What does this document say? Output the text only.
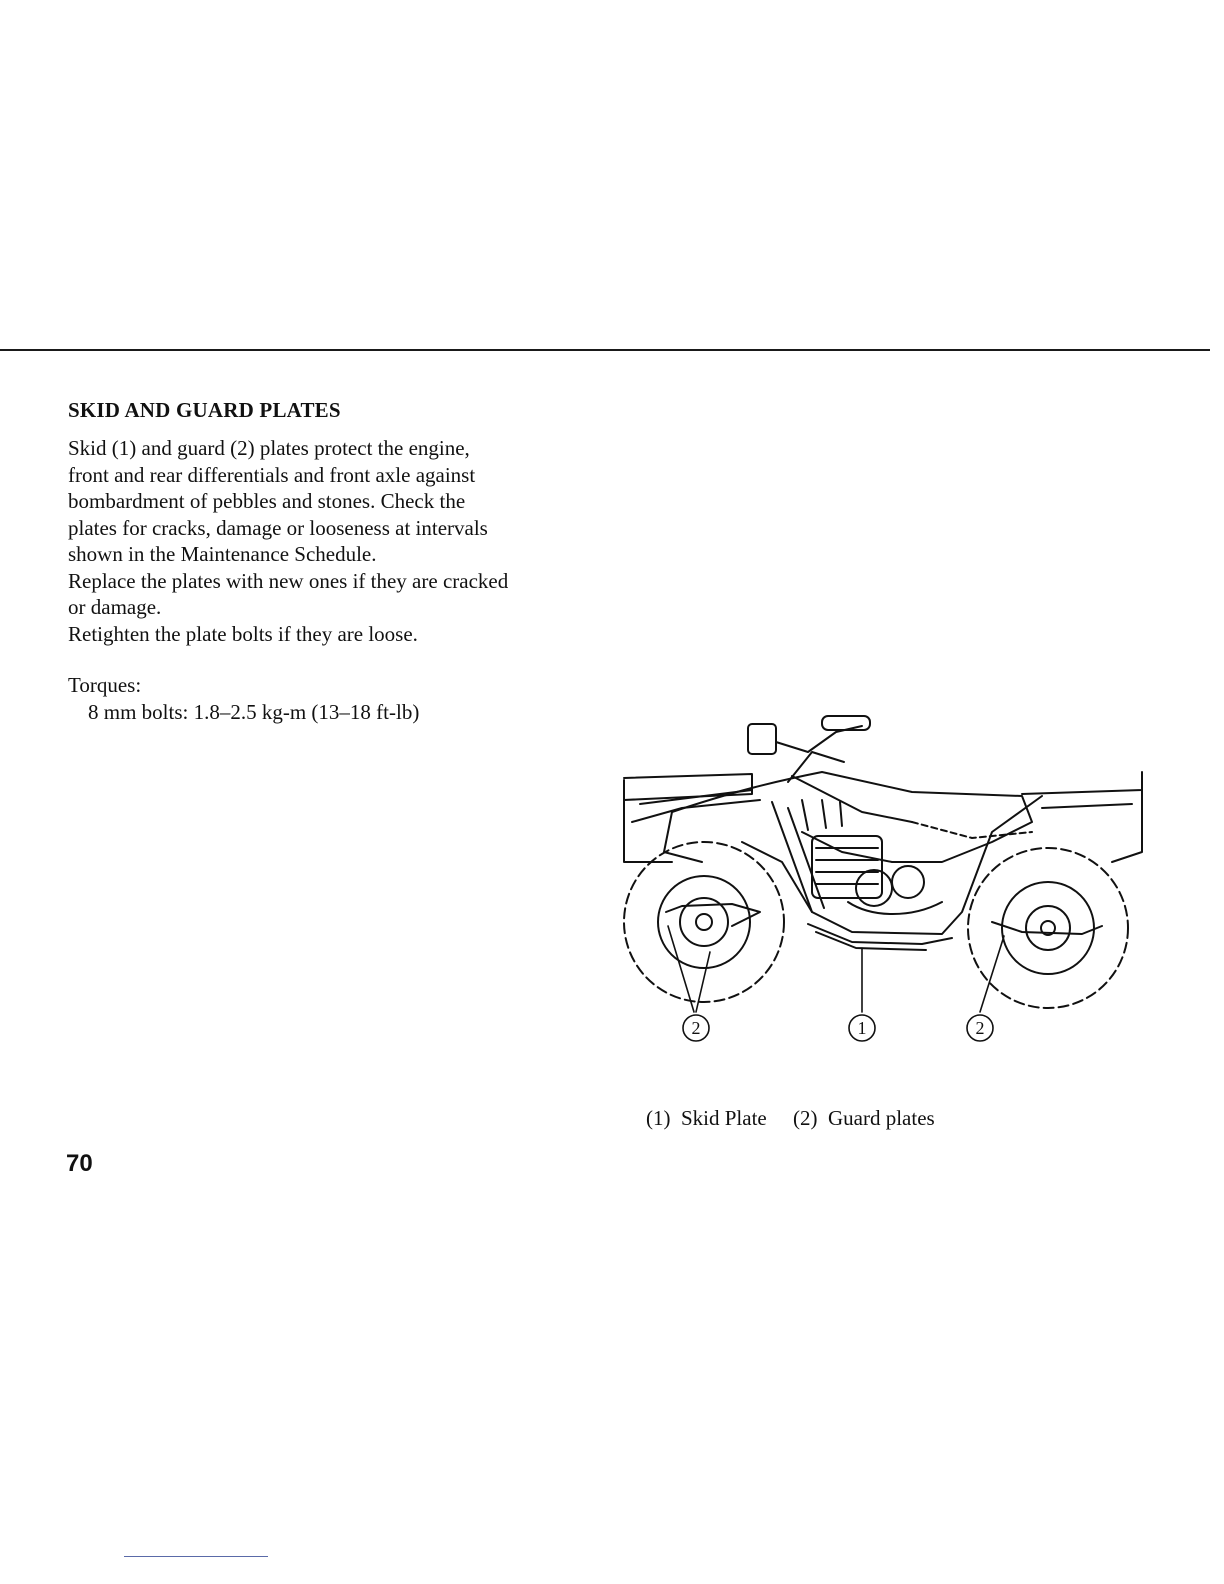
SKID AND GUARD PLATES

Skid (1) and guard (2) plates protect the engine,
front and rear differentials and front axle against
bombardment of pebbles and stones. Check the
plates for cracks, damage or looseness at intervals
shown in the Maintenance Schedule.

Replace the plates with new ones if they are cracked
or damage.

Retighten the plate bolts if they are loose.

Torques:
8 mm bolts: 1.8–2.5 kg-m (13–18 ft-lb)
2	1	2
(1)  Skid Plate (2)  Guard plates
70
